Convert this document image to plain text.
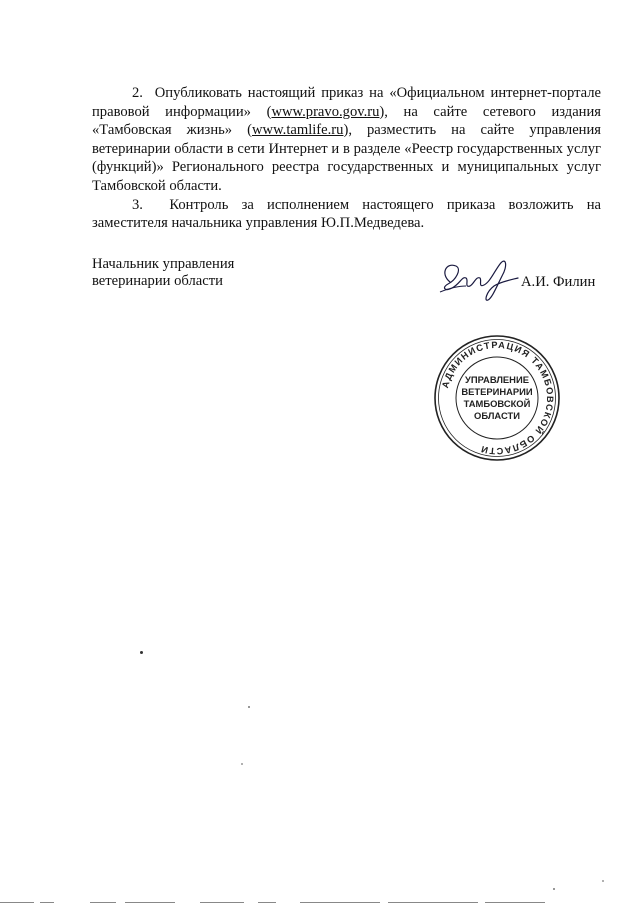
2. Опубликовать настоящий приказ на «Официальном интернет-портале правовой информации» (www.pravo.gov.ru), на сайте сетевого издания «Тамбовская жизнь» (www.tamlife.ru), разместить на сайте управления ветеринарии области в сети Интернет и в разделе «Реестр государственных услуг (функций)» Регионального реестра государственных и муниципальных услуг Тамбовской области.

3. Контроль за исполнением настоящего приказа возложить на заместителя начальника управления Ю.П.Медведева.

Начальник управления
ветеринарии области	А.И. Филин
АДМИНИСТРАЦИЯ ТАМБОВСКОЙ ОБЛАСТИ
УПРАВЛЕНИЕ
ВЕТЕРИНАРИИ
ТАМБОВСКОЙ
ОБЛАСТИ
